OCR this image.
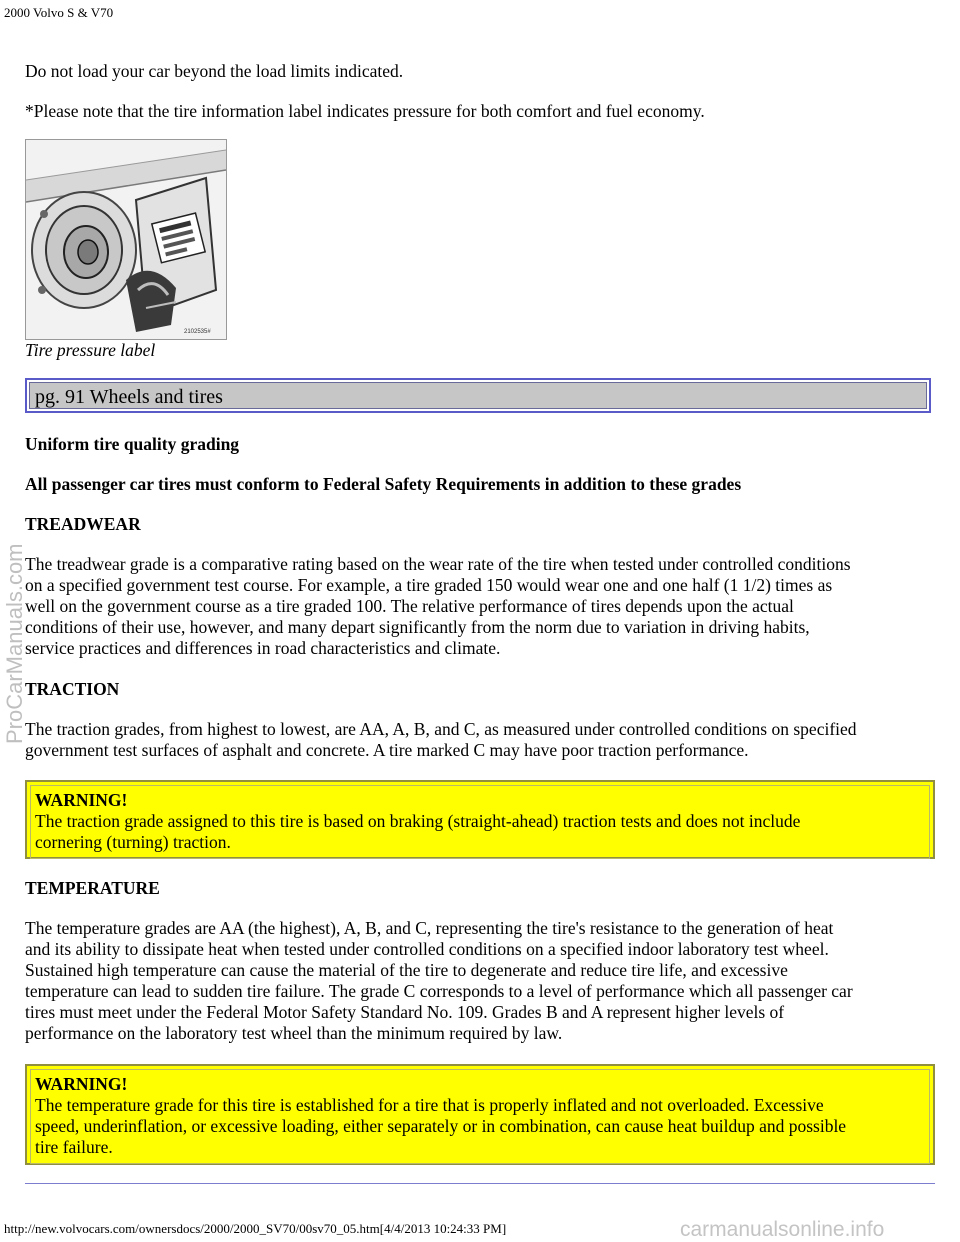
2000 Volvo S & V70

Do not load your car beyond the load limits indicated.

*Please note that the tire information label indicates pressure for both comfort and fuel economy.

2102535#
Tire pressure label
pg. 91 Wheels and tires

Uniform tire quality grading

All passenger car tires must conform to Federal Safety Requirements in addition to these grades

TREADWEAR

The treadwear grade is a comparative rating based on the wear rate of the tire when tested under controlled conditions
on a specified government test course. For example, a tire graded 150 would wear one and one half (1 1/2) times as
well on the government course as a tire graded 100. The relative performance of tires depends upon the actual
conditions of their use, however, and many depart significantly from the norm due to variation in driving habits,
service practices and differences in road characteristics and climate.

TRACTION

The traction grades, from highest to lowest, are AA, A, B, and C, as measured under controlled conditions on specified
government test surfaces of asphalt and concrete. A tire marked C may have poor traction performance.
WARNING!
The traction grade assigned to this tire is based on braking (straight-ahead) traction tests and does not include
cornering (turning) traction.

TEMPERATURE

The temperature grades are AA (the highest), A, B, and C, representing the tire's resistance to the generation of heat
and its ability to dissipate heat when tested under controlled conditions on a specified indoor laboratory test wheel.
Sustained high temperature can cause the material of the tire to degenerate and reduce tire life, and excessive
temperature can lead to sudden tire failure. The grade C corresponds to a level of performance which all passenger car
tires must meet under the Federal Motor Safety Standard No. 109. Grades B and A represent higher levels of
performance on the laboratory test wheel than the minimum required by law.
WARNING!
The temperature grade for this tire is established for a tire that is properly inflated and not overloaded. Excessive
speed, underinflation, or excessive loading, either separately or in combination, can cause heat buildup and possible
tire failure.
http://new.volvocars.com/ownersdocs/2000/2000_SV70/00sv70_05.htm[4/4/2013 10:24:33 PM]
ProCarManuals.com
carmanualsonline.info
